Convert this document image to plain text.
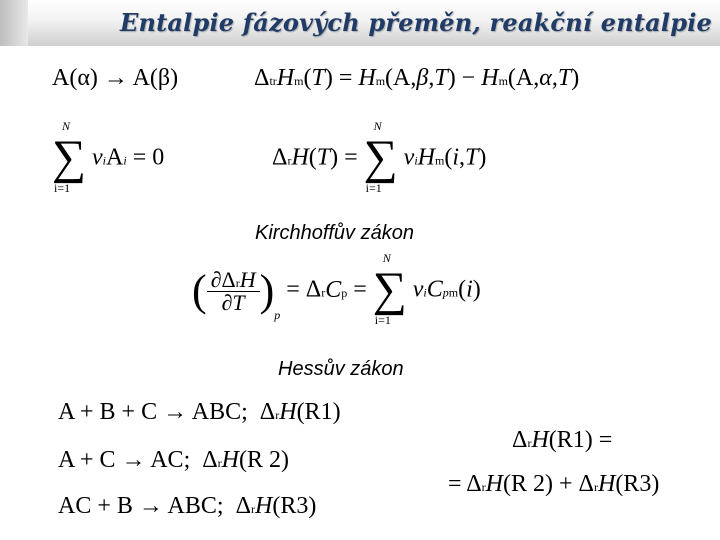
Entalpie fázových přeměn, reakční entalpie
A(α) → A(β)	ΔtrHm(T) = Hm(A,β,T) − Hm(A,α,T)
N
∑
i=1
νiAi = 0	ΔrH(T) =
N
∑
i=1
νiHm(i,T)
Kirchhoffův zákon
( ∂ΔrH
∂T )$_p = \Delta rCp$ =
N
∑
i=1
νiCpm(i)
Hessův zákon
A + B + C → ABC;  ΔrH(R1)
A + C → AC;  ΔrH(R 2)
AC + B → ABC;  ΔrH(R3)
ΔrH(R1) =
= ΔrH(R 2) + ΔrH(R3)
